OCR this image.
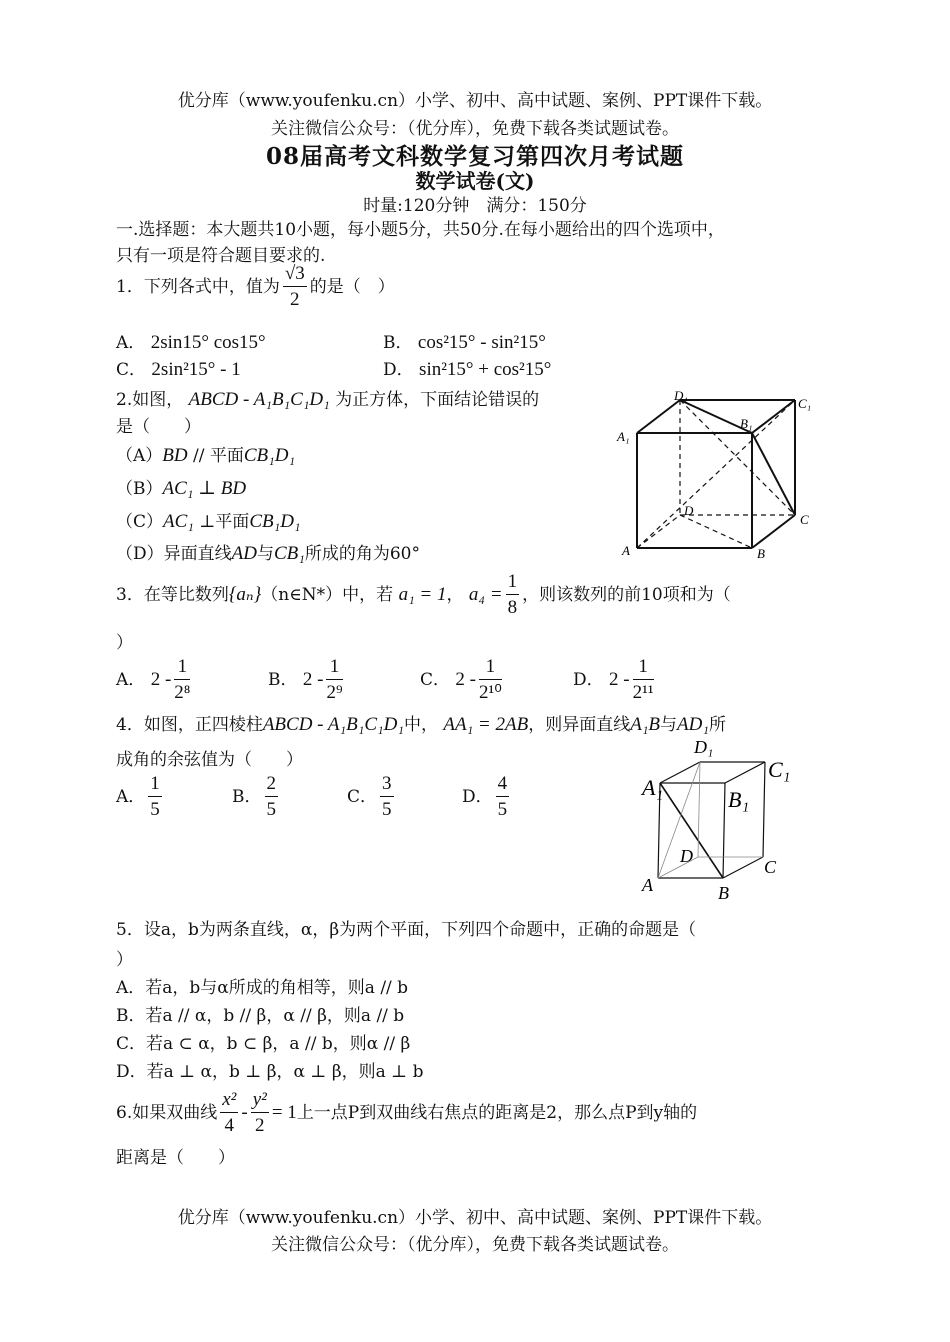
优分库（www.youfenku.cn）小学、初中、高中试题、案例、PPT课件下载。
关注微信公众号：（优分库），免费下载各类试题试卷。
08届高考文科数学复习第四次月考试题
数学试卷(文)
时量:120分钟　满分：150分
一.选择题：本大题共10小题，每小题5分，共50分.在每小题给出的四个选项中，
只有一项是符合题目要求的.
1．下列各式中，值为 $\frac{√3}{2}$ 的是（　）
A． 2sin15° cos15°	B． cos²15° - sin²15°
C． 2sin²15° - 1	D． sin²15° + cos²15°
2.如图， ABCD - A₁B₁C₁D₁ 为正方体，下面结论错误的
是（　　）
（A）BD // 平面CB₁D₁
（B）AC₁ ⊥ BD
（C）AC₁ ⊥平面CB₁D₁
（D）异面直线AD与CB₁所成的角为60°	A	B
C
D
A₁
B₁
C₁
D₁
3．在等比数列{aₙ}（n∈N*）中，若 a₁ = 1， $a_4 = \frac{1}{8}$ ，则该数列的前10项和为（
）
A． $2 - \frac{1}{\text{2⁸}}$	B． $2 - \frac{1}{\text{2⁹}}$	C． $2 - \frac{1}{\text{2¹⁰}}$	D． $2 - \frac{1}{\text{2¹¹}}$
4．如图，正四棱柱ABCD - A₁B₁C₁D₁中， AA₁ = 2AB，则异面直线A₁B与AD₁所
成角的余弦值为（　　）
A． $\frac{1}{5}$	B． $\frac{2}{5}$	C． $\frac{3}{5}$	D． $\frac{4}{5}$
A	B
C
D
A₁	B₁
C₁
D₁
5．设a，b为两条直线，α，β为两个平面，下列四个命题中，正确的命题是（
）
A．若a，b与α所成的角相等，则a // b
B．若a // α，b // β，α // β，则a // b
C．若a ⊂ α，b ⊂ β，a // b，则α // β
D．若a ⊥ α，b ⊥ β，α ⊥ β，则a ⊥ b
6.如果双曲线 $\frac{\text{x²}}{4} - \frac{\text{y²}}{2} = 1$上一点P到双曲线右焦点的距离是2，那么点P到y轴的
距离是（　　）
优分库（www.youfenku.cn）小学、初中、高中试题、案例、PPT课件下载。
关注微信公众号：（优分库），免费下载各类试题试卷。
